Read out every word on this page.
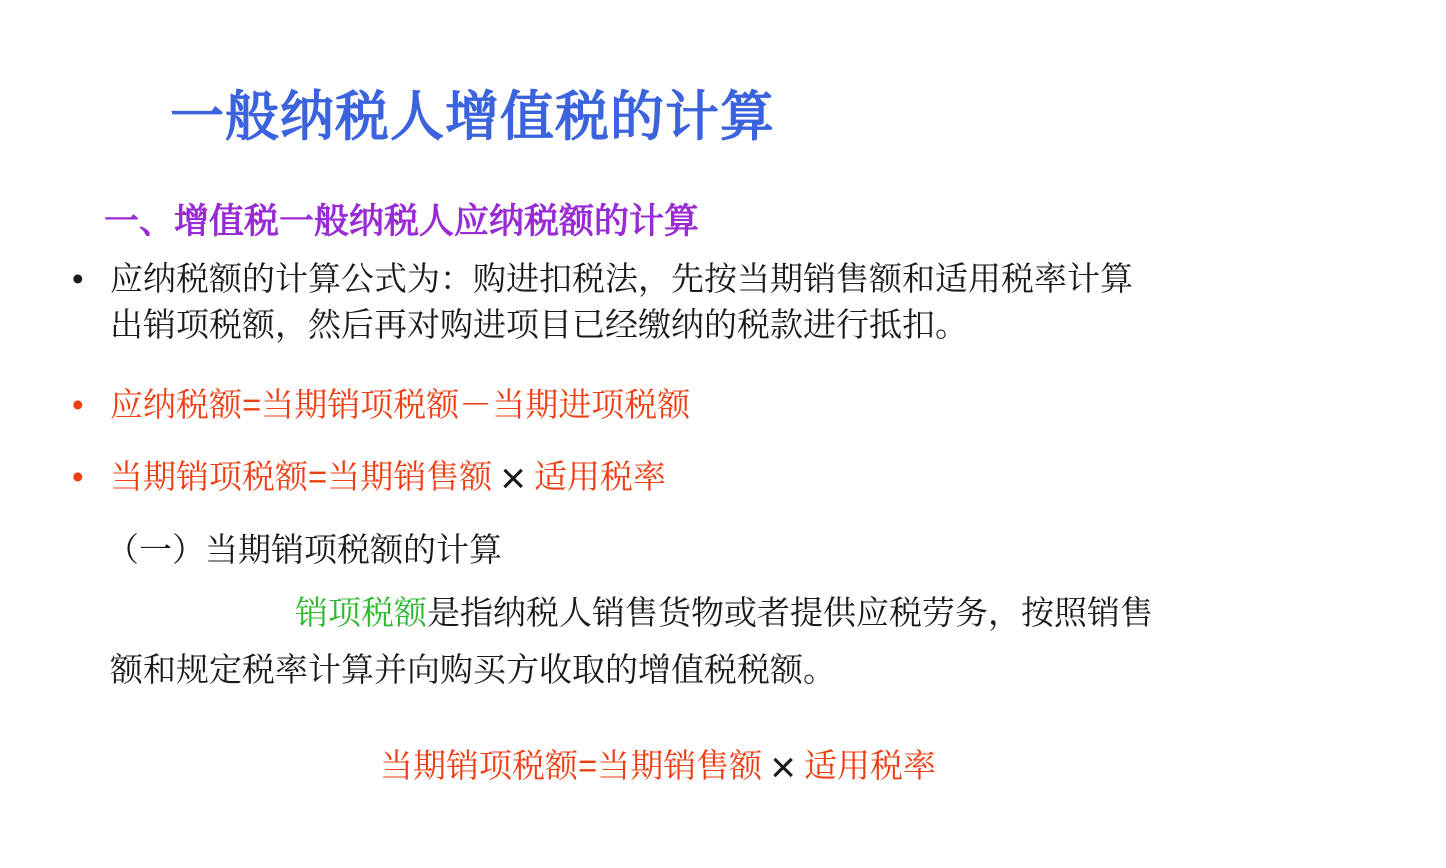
一般纳税人增值税的计算
一、增值税一般纳税人应纳税额的计算
• 应纳税额的计算公式为：购进扣税法，先按当期销售额和适用税率计算出销项税额，然后再对购进项目已经缴纳的税款进行抵扣。
• 应纳税额=当期销项税额－当期进项税额
• 当期销项税额=当期销售额 × 适用税率
（一）当期销项税额的计算
销项税额是指纳税人销售货物或者提供应税劳务，按照销售额和规定税率计算并向购买方收取的增值税税额。
当期销项税额=当期销售额 × 适用税率
